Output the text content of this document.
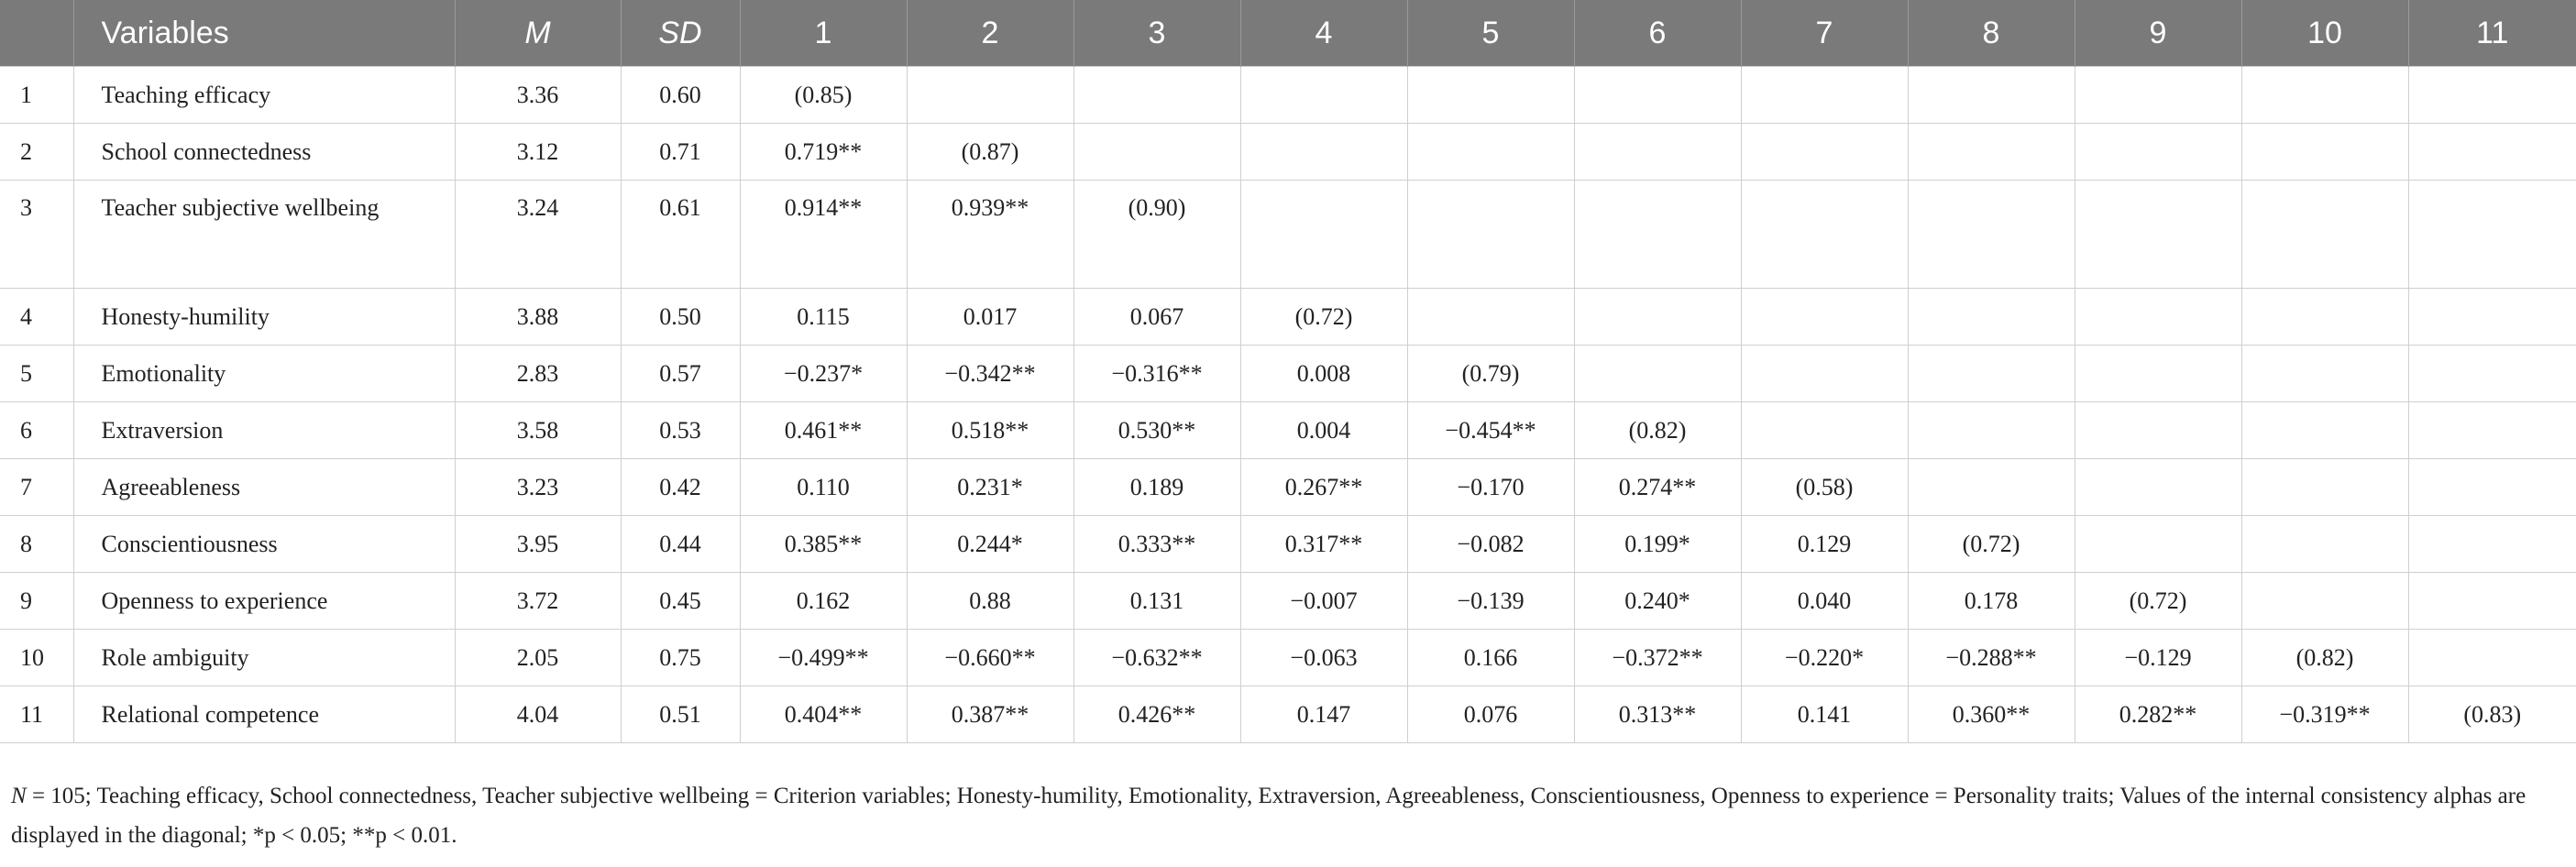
	Variables	M	SD	1	2	3	4	5	6	7	8	9	10	11
1	Teaching efficacy	3.36	0.60	(0.85)										
2	School connectedness	3.12	0.71	0.719**	(0.87)									
3	Teacher subjective wellbeing	3.24	0.61	0.914**	0.939**	(0.90)								
4	Honesty-humility	3.88	0.50	0.115	0.017	0.067	(0.72)							
5	Emotionality	2.83	0.57	−0.237*	−0.342**	−0.316**	0.008	(0.79)						
6	Extraversion	3.58	0.53	0.461**	0.518**	0.530**	0.004	−0.454**	(0.82)					
7	Agreeableness	3.23	0.42	0.110	0.231*	0.189	0.267**	−0.170	0.274**	(0.58)				
8	Conscientiousness	3.95	0.44	0.385**	0.244*	0.333**	0.317**	−0.082	0.199*	0.129	(0.72)			
9	Openness to experience	3.72	0.45	0.162	0.88	0.131	−0.007	−0.139	0.240*	0.040	0.178	(0.72)		
10	Role ambiguity	2.05	0.75	−0.499**	−0.660**	−0.632**	−0.063	0.166	−0.372**	−0.220*	−0.288**	−0.129	(0.82)	
11	Relational competence	4.04	0.51	0.404**	0.387**	0.426**	0.147	0.076	0.313**	0.141	0.360**	0.282**	−0.319**	(0.83)
N = 105; Teaching efficacy, School connectedness, Teacher subjective wellbeing = Criterion variables; Honesty-humility, Emotionality, Extraversion, Agreeableness, Conscientiousness, Openness to experience = Personality traits; Values of the internal consistency alphas are displayed in the diagonal; *p < 0.05; **p < 0.01.
